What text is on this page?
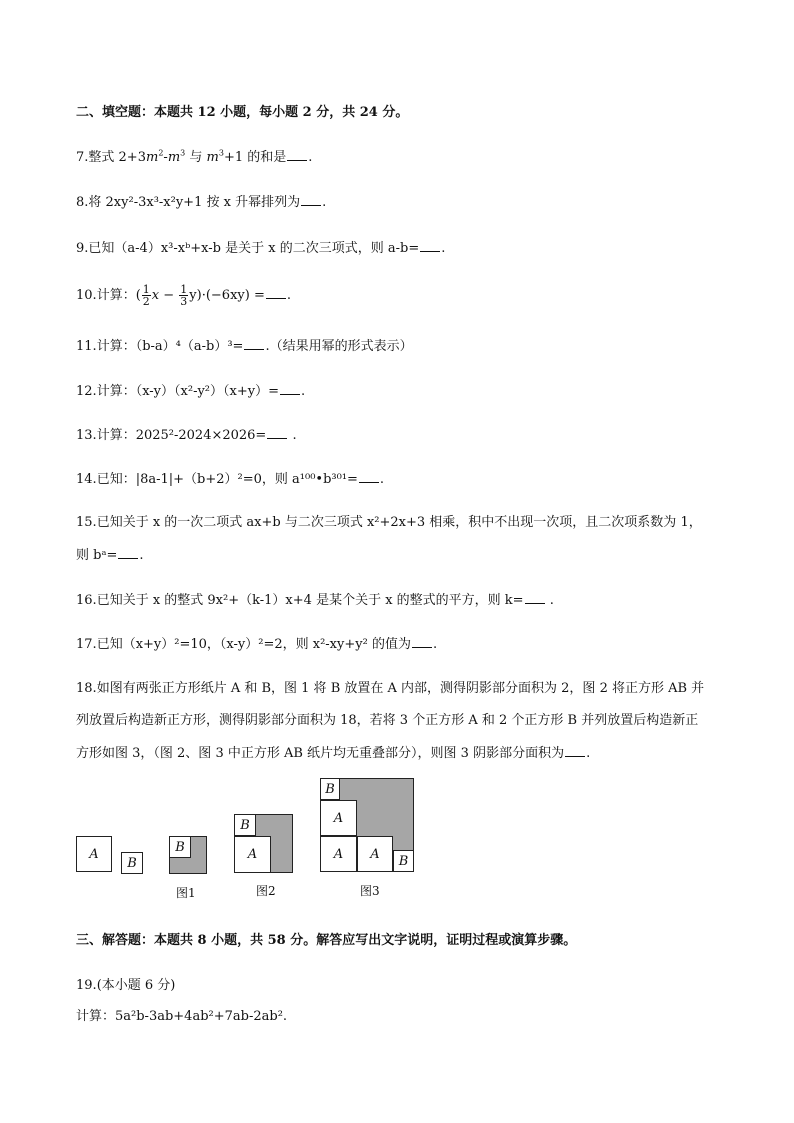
二、填空题：本题共 12 小题，每小题 2 分，共 24 分。
7.整式 $2+3m^2-m^3$ 与 $m^3+1$ 的和是 .
8.将 2xy²-3x³-x²y+1 按 x 升幂排列为 .
9.已知（a-4）x³-xᵇ+x-b 是关于 x 的二次三项式，则 a-b= .
10.计算：( $\frac{1}{2}$ $x - \frac{1}{3} y)\cdot(-6xy)$ = .
11.计算：（b-a）⁴（a-b）³= .（结果用幂的形式表示）
12.计算：（x-y）（x²-y²）（x+y）= .
13.计算：2025²-2024×2026= .
14.已知：|8a-1|+（b+2）²=0，则 a¹⁰⁰•b³⁰¹= .
15.已知关于 x 的一次二项式 ax+b 与二次三项式 x²+2x+3 相乘，积中不出现一次项，且二次项系数为 1，
则 bᵃ= .
16.已知关于 x 的整式 9x²+（k-1）x+4 是某个关于 x 的整式的平方，则 k= .
17.已知（x+y）²=10，（x-y）²=2，则 x²-xy+y² 的值为 .
18.如图有两张正方形纸片 A 和 B，图 1 将 B 放置在 A 内部，测得阴影部分面积为 2，图 2 将正方形 AB 并
列放置后构造新正方形，测得阴影部分面积为 18，若将 3 个正方形 A 和 2 个正方形 B 并列放置后构造新正
方形如图 3，（图 2、图 3 中正方形 AB 纸片均无重叠部分），则图 3 阴影部分面积为 .
A
B
B
图1
B
A
图2
B
A
A	A	B
图3
三、解答题：本题共 8 小题，共 58 分。解答应写出文字说明，证明过程或演算步骤。
19.(本小题 6 分)
计算：5a²b-3ab+4ab²+7ab-2ab².
